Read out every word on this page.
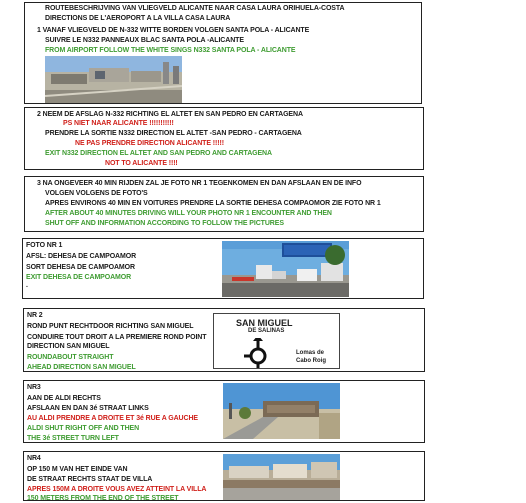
ROUTEBESCHRIJVING VAN VLIEGVELD ALICANTE NAAR CASA LAURA ORIHUELA-COSTA
DIRECTIONS DE L'AEROPORT A LA VILLA CASA LAURA
1 VANAF VLIEGVELD DE N-332 WITTE BORDEN VOLGEN SANTA POLA - ALICANTE
SUIVRE LE N332 PANNEAUX BLAC SANTA POLA -ALICANTE
FROM AIRPORT FOLLOW THE WHITE SINGS N332 SANTA POLA - ALICANTE
2 NEEM DE AFSLAG N-332 RICHTING EL ALTET EN SAN PEDRO EN CARTAGENA
PS NIET NAAR ALICANTE !!!!!!!!!!!
PRENDRE LA SORTIE N332 DIRECTION EL ALTET -SAN PEDRO - CARTAGENA
NE PAS PRENDRE DIRECTION ALICANTE !!!!!
EXIT N332 DIRECTION EL ALTET AND SAN PEDRO AND CARTAGENA
NOT TO ALICANTE !!!!
3 NA ONGEVEER 40 MIN RIJDEN ZAL JE FOTO NR 1 TEGENKOMEN EN DAN AFSLAAN EN DE INFO
VOLGEN VOLGENS DE FOTO'S
APRES ENVIRONS 40 MIN EN VOITURES PRENDRE LA SORTIE DEHESA COMPAOMOR ZIE FOTO NR 1
AFTER ABOUT 40 MINUTES DRIVING WILL YOUR PHOTO NR 1 ENCOUNTER AND THEN
SHUT OFF AND INFORMATION ACCORDING TO FOLLOW THE PICTURES
FOTO NR 1
AFSL: DEHESA DE CAMPOAMOR
SORT DEHESA DE CAMPOAMOR
EXIT DEHESA DE CAMPOAMOR
.
NR 2
ROND PUNT RECHTDOOR RICHTING SAN MIGUEL
CONDUIRE TOUT DROIT A LA PREMIERE ROND POINT
DIRECTION SAN MIGUEL
ROUNDABOUT STRAIGHT
AHEAD DIRECTION SAN MIGUEL
SAN MIGUEL
DE SALINAS
Lomas de
Cabo Roig
NR3
AAN DE ALDI RECHTS
AFSLAAN EN DAN 3é STRAAT LINKS
AU ALDI PRENDRE A DROITE ET 3é RUE A GAUCHE
ALDI SHUT RIGHT OFF AND THEN
THE 3é STREET TURN LEFT
NR4
OP 150 M VAN HET EINDE VAN
DE STRAAT RECHTS STAAT DE VILLA
APRES 150M A DROITE VOUS AVEZ ATTEINT LA VILLA
150 METERS FROM THE END OF THE STREET
